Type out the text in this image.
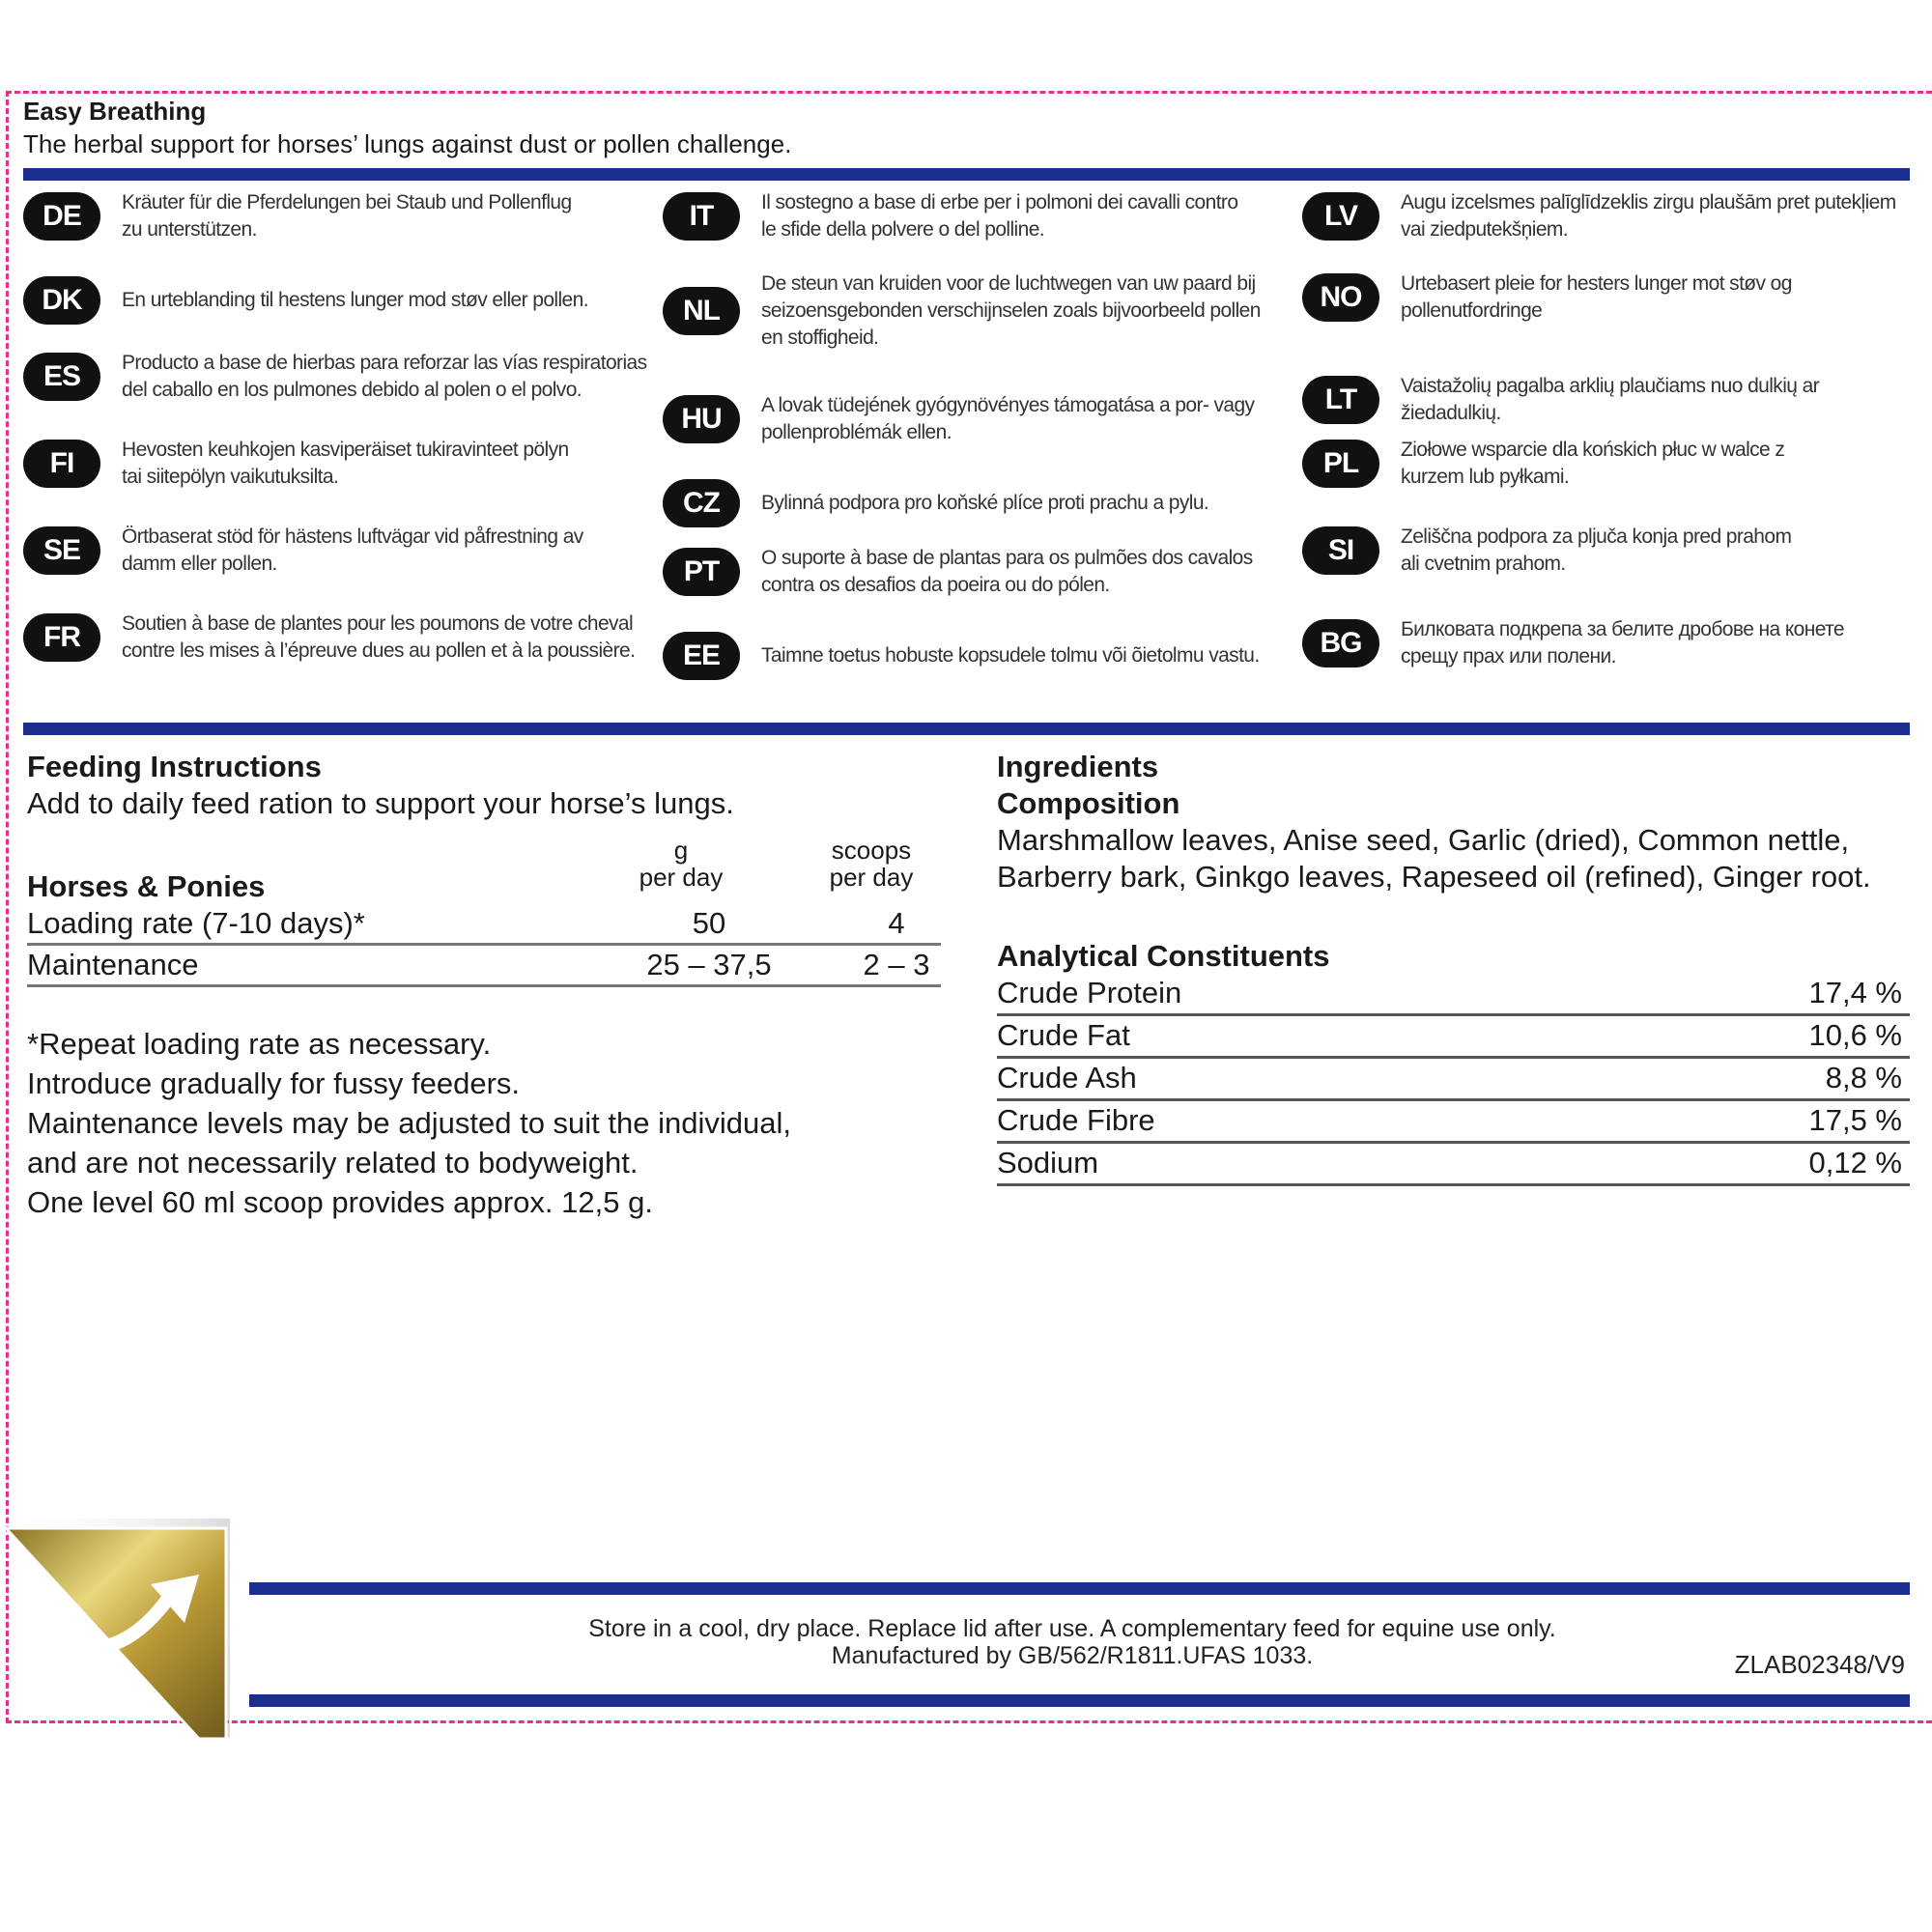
Easy Breathing
The herbal support for horses’ lungs against dust or pollen challenge.
DE	Kräuter für die Pferdelungen bei Staub und Pollenflug
zu unterstützen.
DK	En urteblanding til hestens lunger mod støv eller pollen.
ES	Producto a base de hierbas para reforzar las vías respiratorias
del caballo en los pulmones debido al polen o el polvo.
FI	Hevosten keuhkojen kasviperäiset tukiravinteet pölyn
tai siitepölyn vaikutuksilta.
SE	Örtbaserat stöd för hästens luftvägar vid påfrestning av
damm eller pollen.
FR	Soutien à base de plantes pour les poumons de votre cheval
contre les mises à l’épreuve dues au pollen et à la poussière.
IT	Il sostegno a base di erbe per i polmoni dei cavalli contro
le sfide della polvere o del polline.
NL
De steun van kruiden voor de luchtwegen van uw paard bij
seizoensgebonden verschijnselen zoals bijvoorbeeld pollen
en stoffigheid.
HU	A lovak tüdejének gyógynövényes támogatása a por- vagy
pollenproblémák ellen.
CZ	Bylinná podpora pro koňské plíce proti prachu a pylu.
PT	O suporte à base de plantas para os pulmões dos cavalos
contra os desafios da poeira ou do pólen.
EE	Taimne toetus hobuste kopsudele tolmu või õietolmu vastu.
LV	Augu izcelsmes palīglīdzeklis zirgu plaušām pret putekļiem
vai ziedputekšņiem.
NO	Urtebasert pleie for hesters lunger mot støv og
pollenutfordringe
LT	Vaistažolių pagalba arklių plaučiams nuo dulkių ar žiedadulkių.
PL	Ziołowe wsparcie dla końskich płuc w walce z
kurzem lub pyłkami.
SI	Zeliščna podpora za pljuča konja pred prahom
ali cvetnim prahom.
BG	Билковата подкрепа за белите дробове на конете
срещу прах или полени.
Feeding Instructions
Add to daily feed ration to support your horse’s lungs.
Horses & Ponies
g
per day
scoops
per day
Loading rate (7-10 days)*	50	4
Maintenance	25 – 37,5	2 – 3
*Repeat loading rate as necessary.
Introduce gradually for fussy feeders.
Maintenance levels may be adjusted to suit the individual,
and are not necessarily related to bodyweight.
One level 60 ml scoop provides approx. 12,5 g.
Ingredients
Composition
Marshmallow leaves, Anise seed, Garlic (dried), Common nettle,
Barberry bark, Ginkgo leaves, Rapeseed oil (refined), Ginger root.
Analytical Constituents
Crude Protein	17,4 %
Crude Fat	10,6 %
Crude Ash	8,8 %
Crude Fibre	17,5 %
Sodium	0,12 %
Store in a cool, dry place. Replace lid after use. A complementary feed for equine use only.
Manufactured by GB/562/R1811.UFAS 1033.	ZLAB02348/V9
